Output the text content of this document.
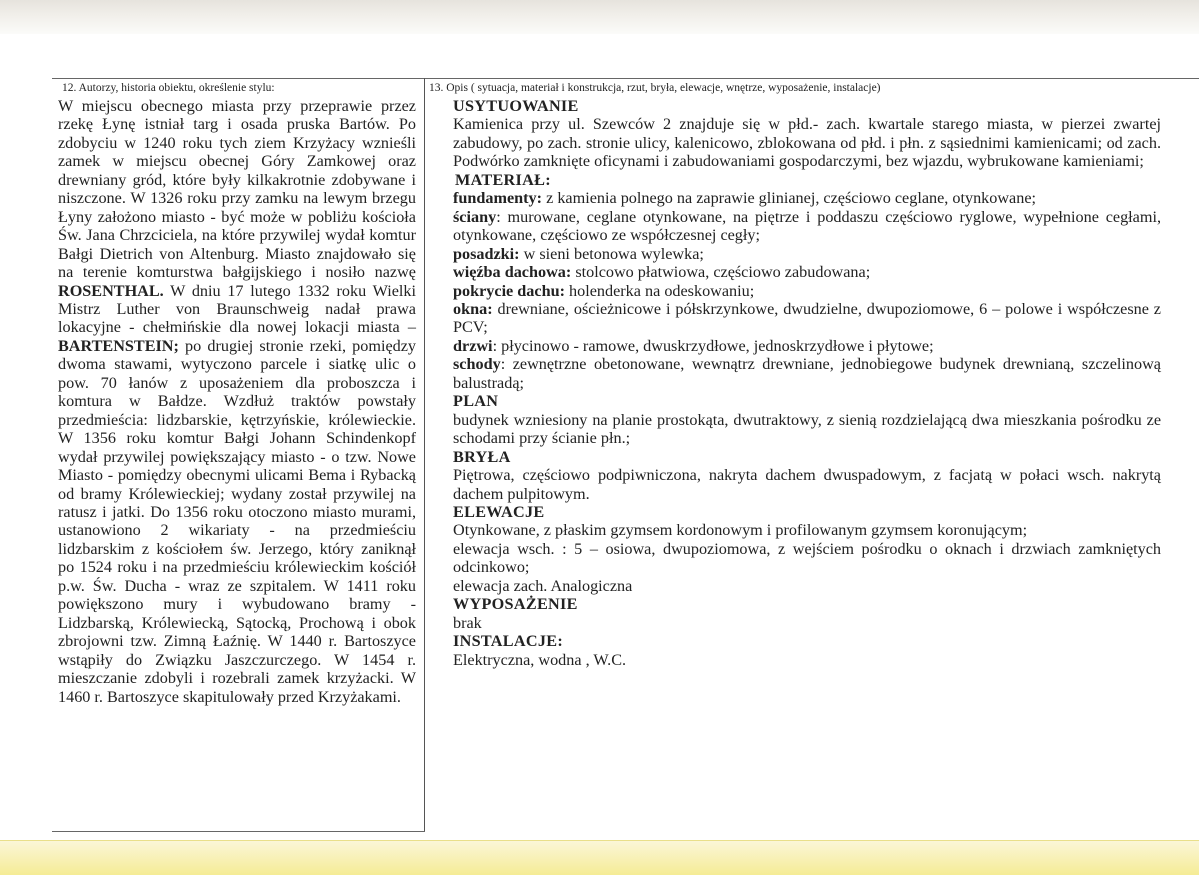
12. Autorzy, historia obiektu, określenie stylu:

W miejscu obecnego miasta przy przeprawie przez rzekę Łynę istniał targ i osada pruska Bartów. Po zdobyciu w 1240 roku tych ziem Krzyżacy wznieśli zamek w miejscu obecnej Góry Zamkowej oraz drewniany gród, które były kilkakrotnie zdobywane i niszczone. W 1326 roku przy zamku na lewym brzegu Łyny założono miasto - być może w pobliżu kościoła Św. Jana Chrzciciela, na które przywilej wydał komtur Bałgi Dietrich von Altenburg. Miasto znajdowało się na terenie komturstwa bałgijskiego i nosiło nazwę ROSENTHAL. W dniu 17 lutego 1332 roku Wielki Mistrz Luther von Braunschweig nadał prawa lokacyjne - chełmińskie dla nowej lokacji miasta – BARTENSTEIN; po drugiej stronie rzeki, pomiędzy dwoma stawami, wytyczono parcele i siatkę ulic o pow. 70 łanów z uposażeniem dla proboszcza i komtura w Bałdze. Wzdłuż traktów powstały przedmieścia: lidzbarskie, kętrzyńskie, królewieckie. W 1356 roku komtur Bałgi Johann Schindenkopf wydał przywilej powiększający miasto - o tzw. Nowe Miasto - pomiędzy obecnymi ulicami Bema i Rybacką od bramy Królewieckiej; wydany został przywilej na ratusz i jatki. Do 1356 roku otoczono miasto murami, ustanowiono 2 wikariaty - na przedmieściu lidzbarskim z kościołem św. Jerzego, który zaniknął po 1524 roku i na przedmieściu królewieckim kościół p.w. Św. Ducha - wraz ze szpitalem. W 1411 roku powiększono mury i wybudowano bramy - Lidzbarską, Królewiecką, Sątocką, Prochową i obok zbrojowni tzw. Zimną Łaźnię. W 1440 r. Bartoszyce wstąpiły do Związku Jaszczurczego. W 1454 r. mieszczanie zdobyli i rozebrali zamek krzyżacki. W 1460 r. Bartoszyce skapitulowały przed Krzyżakami.

13. Opis ( sytuacja, materiał i konstrukcja, rzut, bryła, elewacje, wnętrze, wyposażenie, instalacje)
USYTUOWANIE

Kamienica przy ul. Szewców 2 znajduje się w płd.- zach. kwartale starego miasta, w pierzei zwartej zabudowy, po zach. stronie ulicy, kalenicowo, zblokowana od płd. i płn. z sąsiednimi kamienicami; od zach. Podwórko zamknięte oficynami i zabudowaniami gospodarczymi, bez wjazdu, wybrukowane kamieniami;

MATERIAŁ:

fundamenty: z kamienia polnego na zaprawie glinianej, częściowo ceglane, otynkowane;

ściany: murowane, ceglane otynkowane, na piętrze i poddaszu częściowo ryglowe, wypełnione cegłami, otynkowane, częściowo ze współczesnej cegły;

posadzki: w sieni betonowa wylewka;

więźba dachowa: stolcowo płatwiowa, częściowo zabudowana;

pokrycie dachu: holenderka na odeskowaniu;

okna: drewniane, ościeżnicowe i półskrzynkowe, dwudzielne, dwupoziomowe, 6 – polowe i współczesne z PCV;

drzwi: płycinowo - ramowe, dwuskrzydłowe, jednoskrzydłowe i płytowe;

schody: zewnętrzne obetonowane, wewnątrz drewniane, jednobiegowe budynek drewnianą, szczelinową balustradą;

PLAN

budynek wzniesiony na planie prostokąta, dwutraktowy, z sienią rozdzielającą dwa mieszkania pośrodku ze schodami przy ścianie płn.;

BRYŁA

Piętrowa, częściowo podpiwniczona, nakryta dachem dwuspadowym, z facjatą w połaci wsch. nakrytą dachem pulpitowym.

ELEWACJE

Otynkowane, z płaskim gzymsem kordonowym i profilowanym gzymsem koronującym;

elewacja wsch. : 5 – osiowa, dwupoziomowa, z wejściem pośrodku o oknach i drzwiach zamkniętych odcinkowo;

elewacja zach. Analogiczna

WYPOSAŻENIE

brak

INSTALACJE:

Elektryczna, wodna , W.C.
